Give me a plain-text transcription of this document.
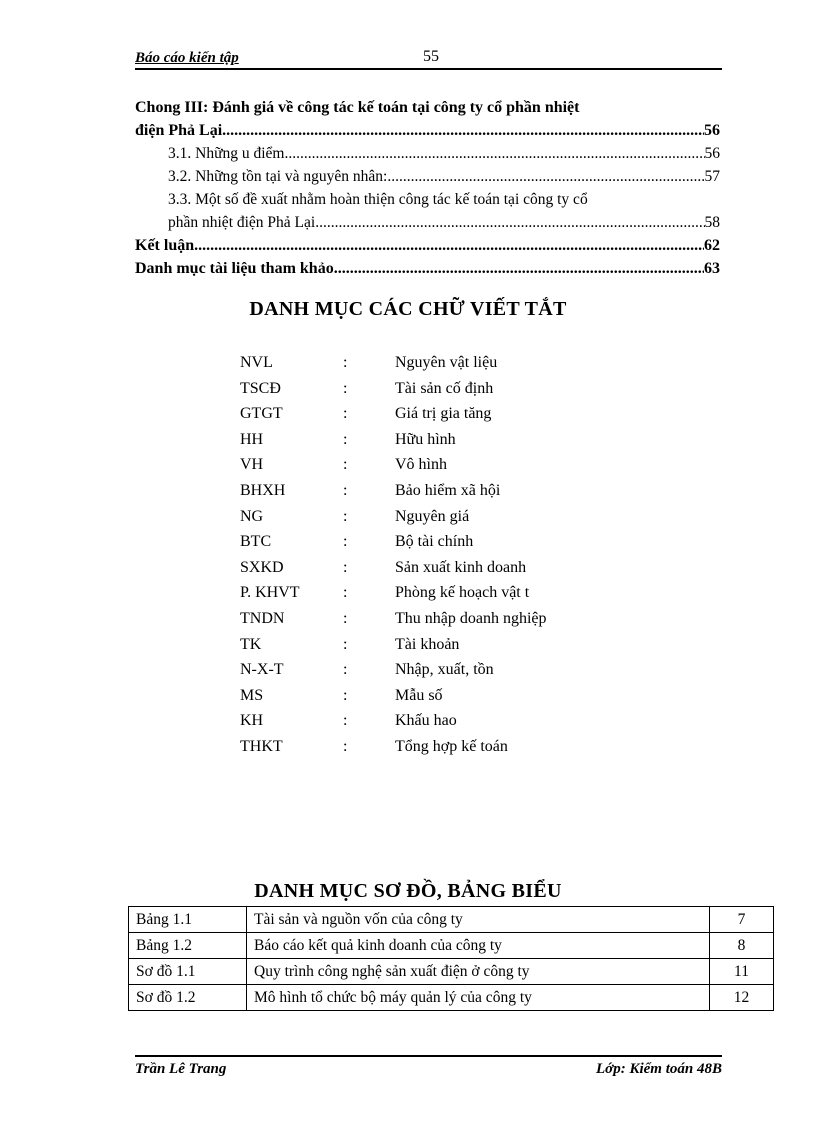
Báo cáo kiến tập	55
Chong III: Đánh giá về công tác kế toán tại công ty cổ phần nhiệt
điện Phả Lại .....	56
3.1. Những u điểm .....	56
3.2. Những tồn tại và nguyên nhân: .....	57
3.3. Một số đề xuất nhằm hoàn thiện công tác kế toán tại công ty cổ
phần nhiệt điện Phả Lại .....	58
Kết luận .....	62
Danh mục tài liệu tham khảo .....	63
DANH MỤC CÁC CHỮ VIẾT TẮT
NVL	:	Nguyên vật liệu
TSCĐ	:	Tài sản cố định
GTGT	:	Giá trị gia tăng
HH	:	Hữu hình
VH	:	Vô hình
BHXH	:	Bảo hiểm xã hội
NG	:	Nguyên giá
BTC	:	Bộ tài chính
SXKD	:	Sản xuất kinh doanh
P. KHVT	:	Phòng kế hoạch vật t
TNDN	:	Thu nhập doanh nghiệp
TK	:	Tài khoản
N-X-T	:	Nhập, xuất, tồn
MS	:	Mẫu số
KH	:	Khấu hao
THKT	:	Tổng hợp kế toán
DANH MỤC SƠ ĐỒ, BẢNG BIỂU
Bảng 1.1	Tài sản và nguồn vốn của công ty	7
Bảng 1.2	Báo cáo kết quả kinh doanh của công ty	8
Sơ đồ 1.1	Quy trình công nghệ sản xuất điện ở công ty	11
Sơ đồ 1.2	Mô hình tổ chức bộ máy quản lý của công ty	12
Trần Lê Trang	Lớp: Kiểm toán 48B
